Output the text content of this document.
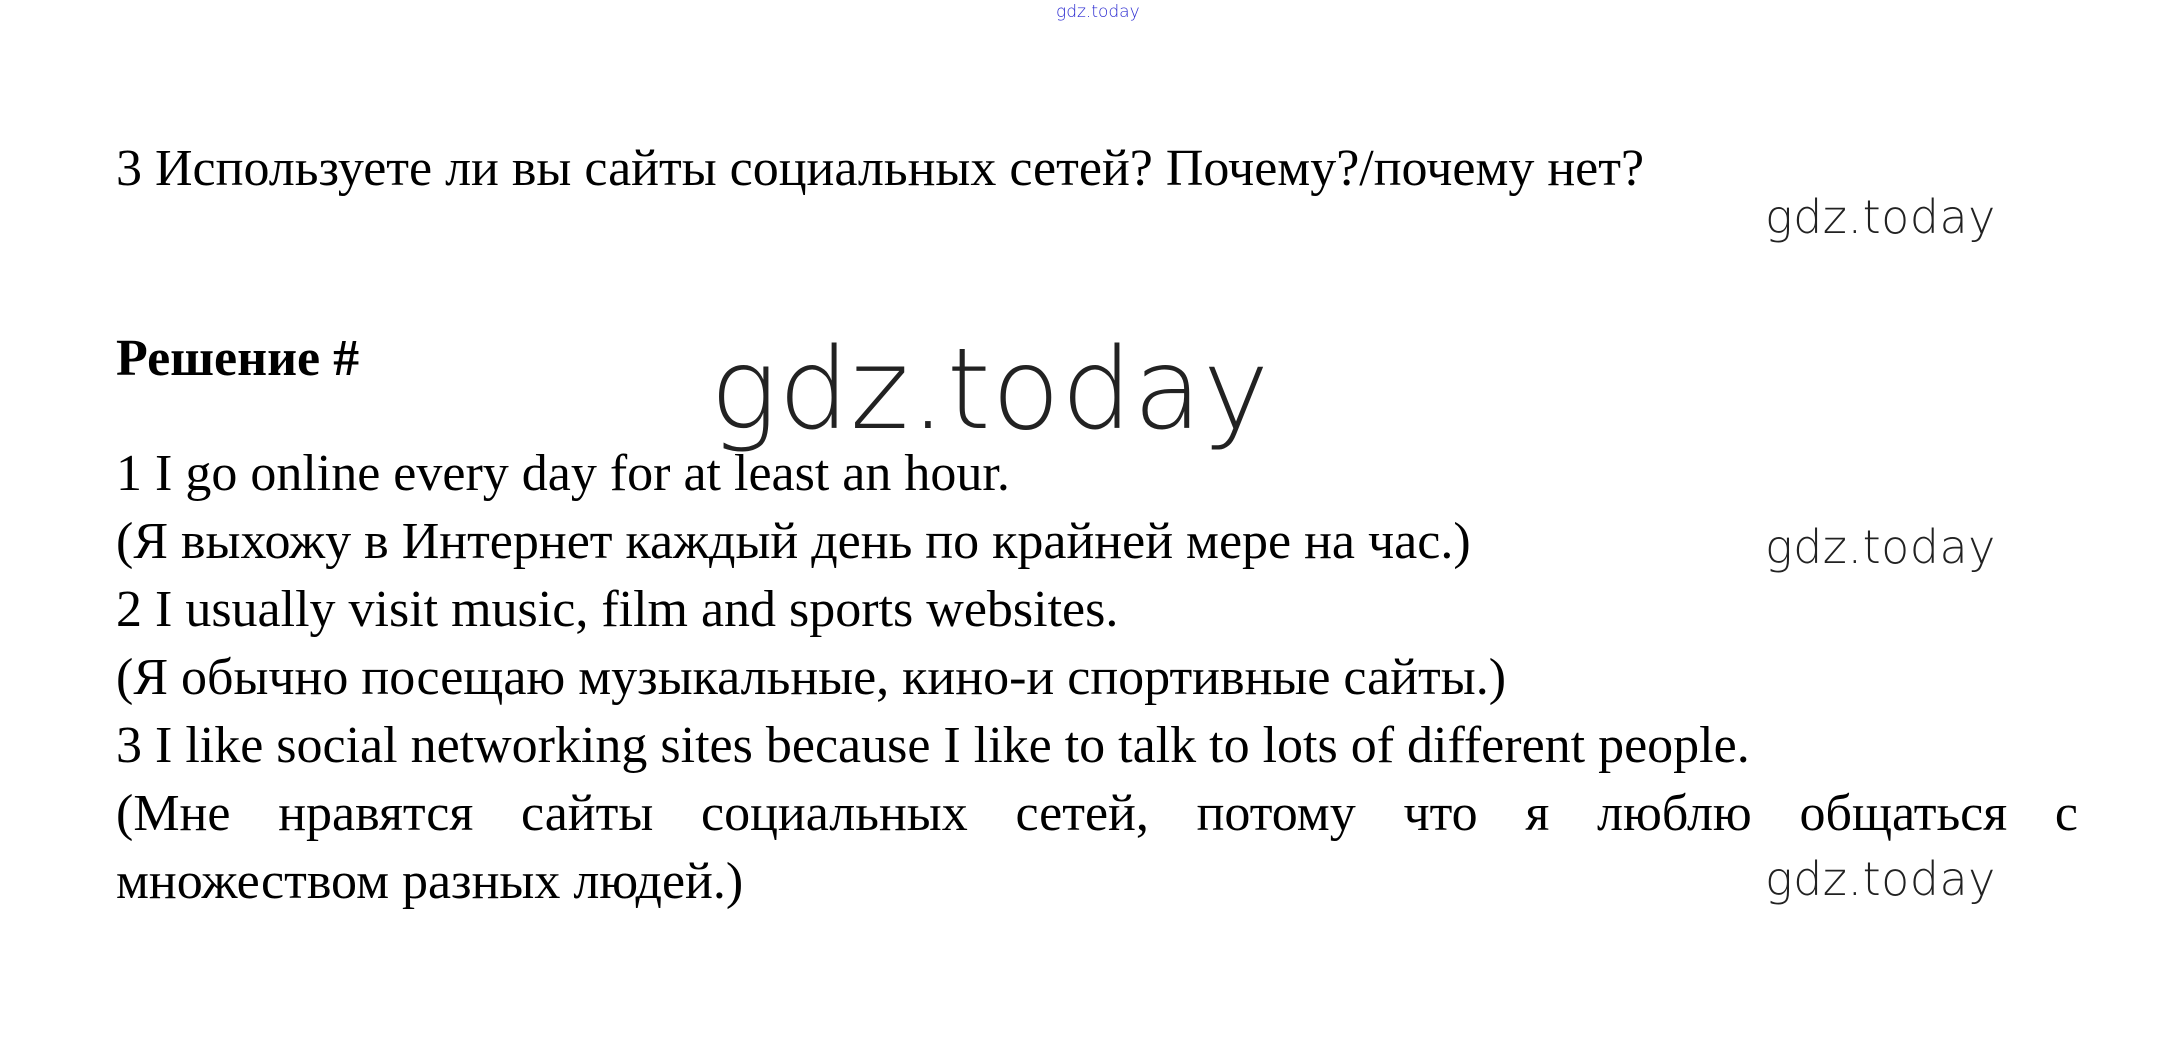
gdz.today
3 Используете ли вы сайты социальных сетей? Почему?/почему нет?
gdz.today
Решение #	gdz.today
1 I go online every day for at least an hour.
(Я выхожу в Интернет каждый день по крайней мере на час.)	gdz.today
2 I usually visit music, film and sports websites.
(Я обычно посещаю музыкальные, кино-и спортивные сайты.)
3 I like social networking sites because I like to talk to lots of different people.
(Мне нравятся сайты социальных сетей, потому что я люблю общаться с
множеством разных людей.)	gdz.today
